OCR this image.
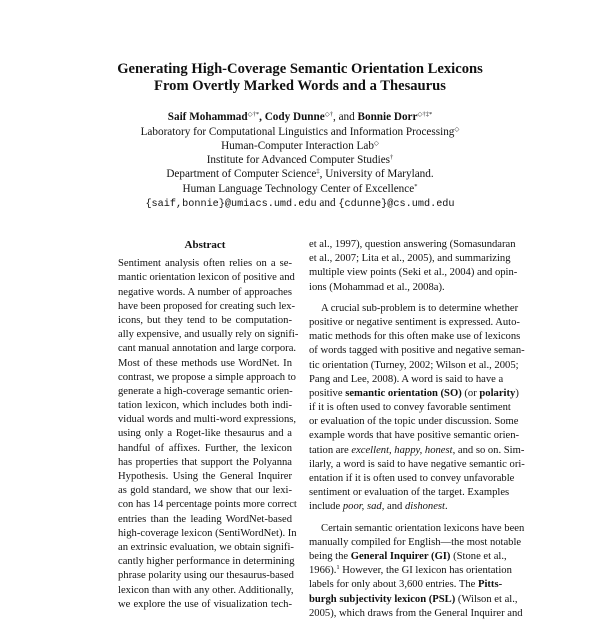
Generating High-Coverage Semantic Orientation Lexicons
From Overtly Marked Words and a Thesaurus
Saif Mohammad◇†*, Cody Dunne◇†, and Bonnie Dorr◇†‡*
Laboratory for Computational Linguistics and Information Processing◇
Human-Computer Interaction Lab◇
Institute for Advanced Computer Studies†
Department of Computer Science‡, University of Maryland.
Human Language Technology Center of Excellence*
{saif,bonnie}@umiacs.umd.edu and {cdunne}@cs.umd.edu
Abstract
Sentiment analysis often relies on a se-
mantic orientation lexicon of positive and
negative words. A number of approaches
have been proposed for creating such lex-
icons, but they tend to be computation-
ally expensive, and usually rely on signifi-
cant manual annotation and large corpora.
Most of these methods use WordNet. In
contrast, we propose a simple approach to
generate a high-coverage semantic orien-
tation lexicon, which includes both indi-
vidual words and multi-word expressions,
using only a Roget-like thesaurus and a
handful of affixes. Further, the lexicon
has properties that support the Polyanna
Hypothesis. Using the General Inquirer
as gold standard, we show that our lexi-
con has 14 percentage points more correct
entries than the leading WordNet-based
high-coverage lexicon (SentiWordNet). In
an extrinsic evaluation, we obtain signifi-
cantly higher performance in determining
phrase polarity using our thesaurus-based
lexicon than with any other. Additionally,
we explore the use of visualization tech-
et al., 1997), question answering (Somasundaran
et al., 2007; Lita et al., 2005), and summarizing
multiple view points (Seki et al., 2004) and opin-
ions (Mohammad et al., 2008a).
A crucial sub-problem is to determine whether
positive or negative sentiment is expressed. Auto-
matic methods for this often make use of lexicons
of words tagged with positive and negative seman-
tic orientation (Turney, 2002; Wilson et al., 2005;
Pang and Lee, 2008). A word is said to have a
positive semantic orientation (SO) (or polarity)
if it is often used to convey favorable sentiment
or evaluation of the topic under discussion. Some
example words that have positive semantic orien-
tation are excellent, happy, honest, and so on. Sim-
ilarly, a word is said to have negative semantic ori-
entation if it is often used to convey unfavorable
sentiment or evaluation of the target. Examples
include poor, sad, and dishonest.
Certain semantic orientation lexicons have been
manually compiled for English—the most notable
being the General Inquirer (GI) (Stone et al.,
1966).$^1$ However, the GI lexicon has orientation
labels for only about 3,600 entries. The Pitts-
burgh subjectivity lexicon (PSL) (Wilson et al.,
2005), which draws from the General Inquirer and
